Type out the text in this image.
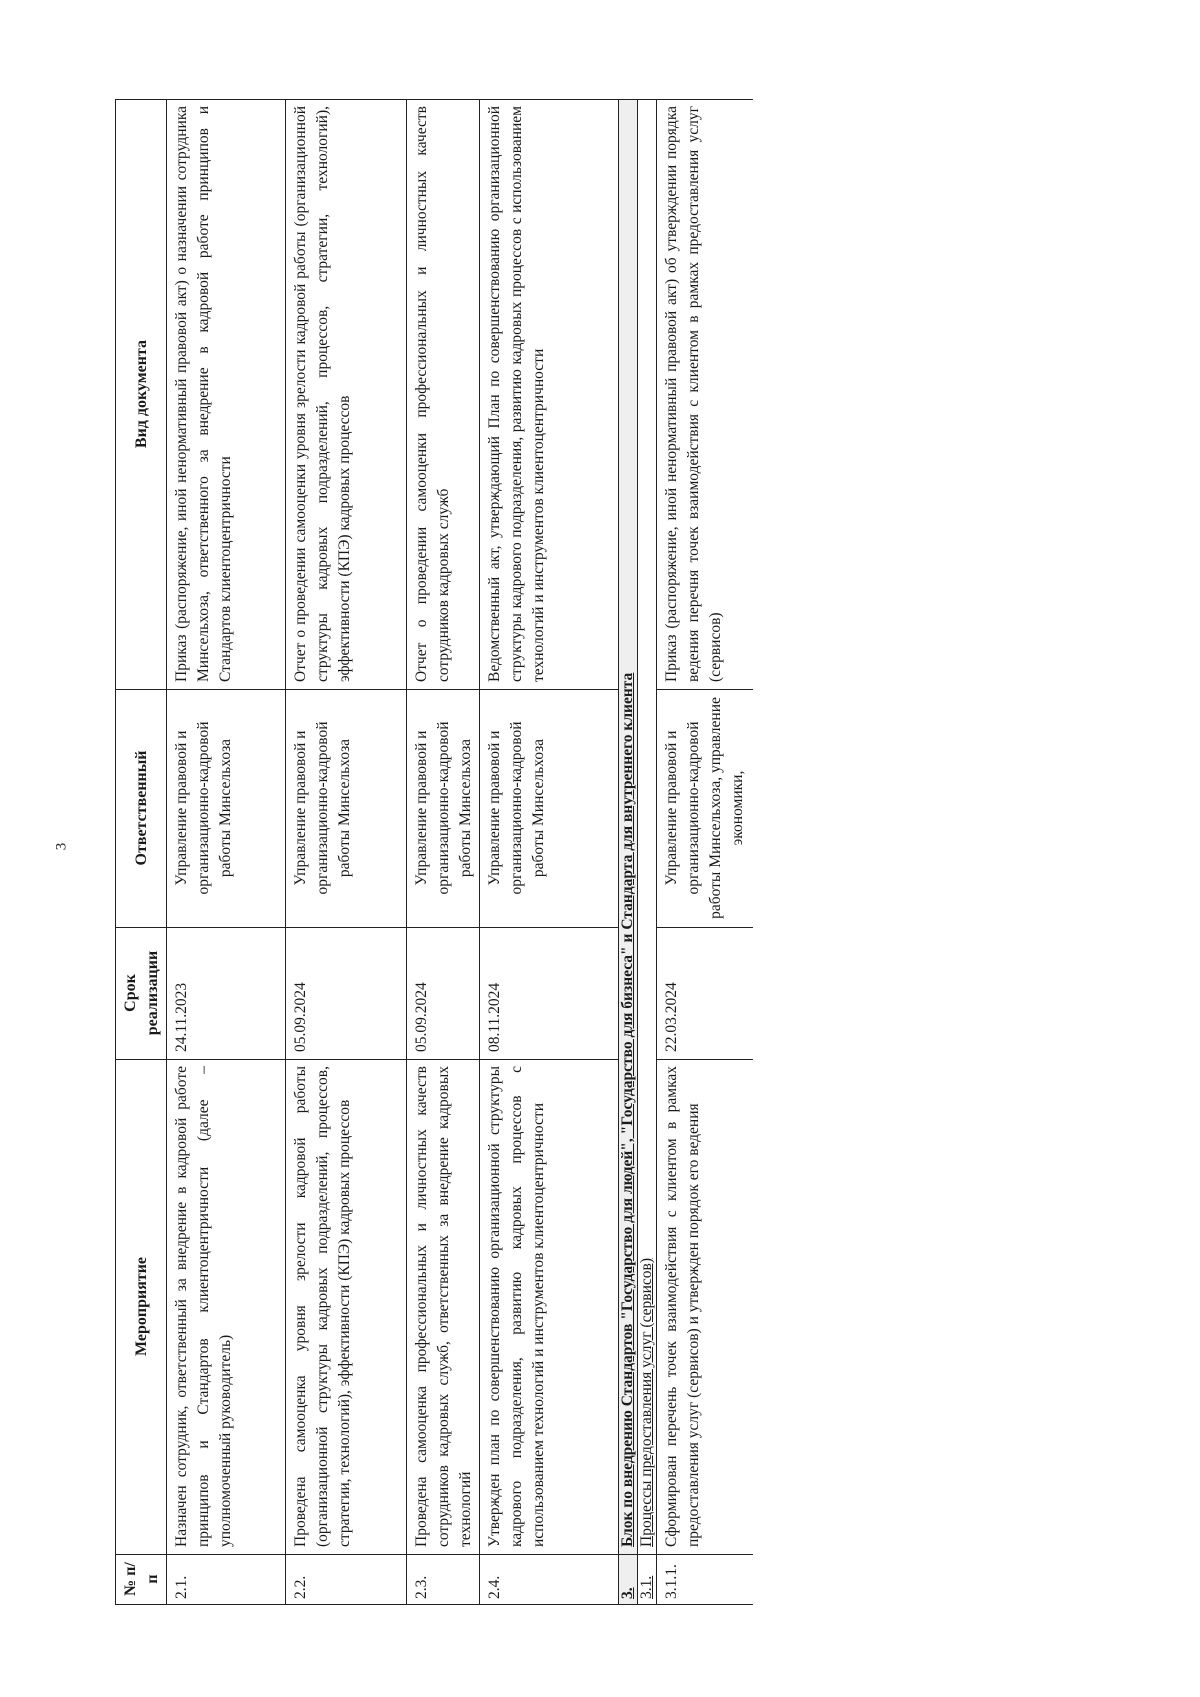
3
№ п/п	Мероприятие	Срок реализации	Ответственный	Вид документа
2.1.	Назначен сотрудник, ответственный за внедрение в кадровой работе принципов и Стандартов клиентоцентричности (далее – уполномоченный руководитель)	24.11.2023	Управление правовой и организационно-кадровой работы Минсельхоза	Приказ (распоряжение, иной ненормативный правовой акт) о назначении сотрудника Минсельхоза, ответственного за внедрение в кадровой работе принципов и Стандартов клиентоцентричности
2.2.	Проведена самооценка уровня зрелости кадровой работы (организационной структуры кадровых подразделений, процессов, стратегии, технологий), эффективности (КПЭ) кадровых процессов	05.09.2024	Управление правовой и организационно-кадровой работы Минсельхоза	Отчет о проведении самооценки уровня зрелости кадровой работы (организационной структуры кадровых подразделений, процессов, стратегии, технологий), эффективности (КПЭ) кадровых процессов
2.3.	Проведена самооценка профессиональных и личностных качеств сотрудников кадровых служб, ответственных за внедрение кадровых технологий	05.09.2024	Управление правовой и организационно-кадровой работы Минсельхоза	Отчет о проведении самооценки профессиональных и личностных качеств сотрудников кадровых служб
2.4.	Утвержден план по совершенствованию организационной структуры кадрового подразделения, развитию кадровых процессов с использованием технологий и инструментов клиентоцентричности	08.11.2024	Управление правовой и организационно-кадровой работы Минсельхоза	Ведомственный акт, утверждающий План по совершенствованию организационной структуры кадрового подразделения, развитию кадровых процессов с использованием технологий и инструментов клиентоцентричности
3.	Блок по внедрению Стандартов "Государство для людей", "Государство для бизнеса" и Стандарта для внутреннего клиента			
3.1.	Процессы предоставления услуг (сервисов)			
3.1.1.	Сформирован перечень точек взаимодействия с клиентом в рамках предоставления услуг (сервисов) и утвержден порядок его ведения	22.03.2024	Управление правовой и организационно-кадровой работы Минсельхоза, управление экономики,	Приказ (распоряжение, иной ненормативный правовой акт) об утверждении порядка ведения перечня точек взаимодействия с клиентом в рамках предоставления услуг (сервисов)
